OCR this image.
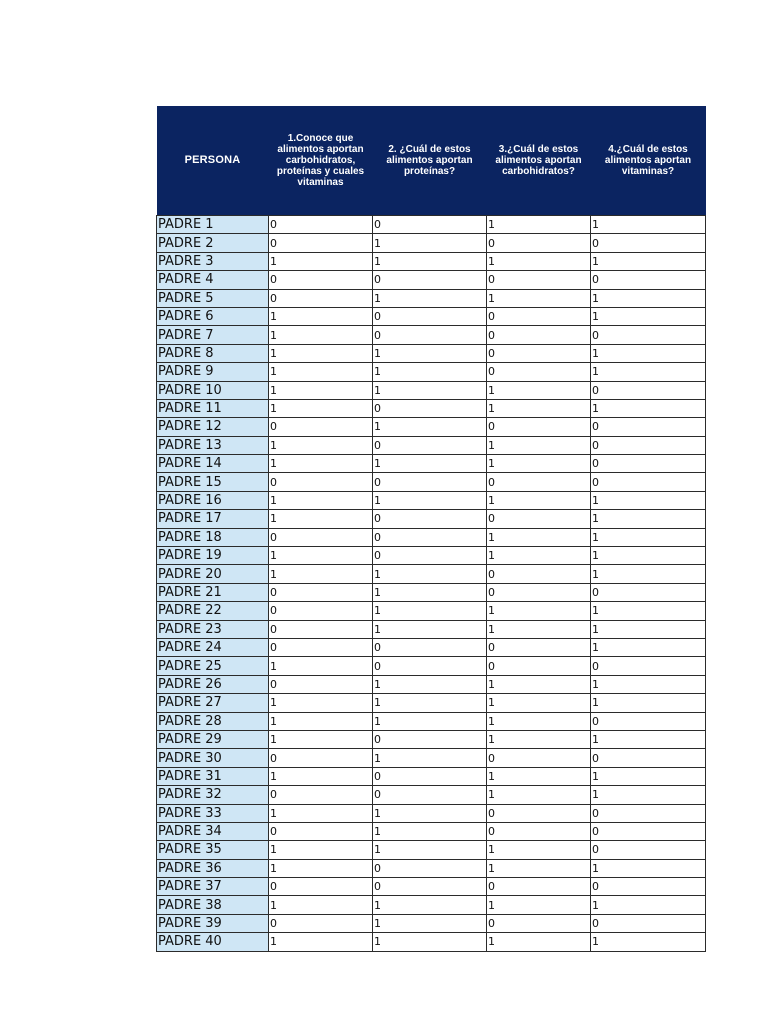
PERSONA	1.Conoce que alimentos aportan carbohidratos, proteínas y cuales vitaminas	2. ¿Cuál de estos alimentos aportan proteínas?	3.¿Cuál de estos alimentos aportan carbohidratos?	4.¿Cuál de estos alimentos aportan vitaminas?
PADRE 1	0	0	1	1
PADRE 2	0	1	0	0
PADRE 3	1	1	1	1
PADRE 4	0	0	0	0
PADRE 5	0	1	1	1
PADRE 6	1	0	0	1
PADRE 7	1	0	0	0
PADRE 8	1	1	0	1
PADRE 9	1	1	0	1
PADRE 10	1	1	1	0
PADRE 11	1	0	1	1
PADRE 12	0	1	0	0
PADRE 13	1	0	1	0
PADRE 14	1	1	1	0
PADRE 15	0	0	0	0
PADRE 16	1	1	1	1
PADRE 17	1	0	0	1
PADRE 18	0	0	1	1
PADRE 19	1	0	1	1
PADRE 20	1	1	0	1
PADRE 21	0	1	0	0
PADRE 22	0	1	1	1
PADRE 23	0	1	1	1
PADRE 24	0	0	0	1
PADRE 25	1	0	0	0
PADRE 26	0	1	1	1
PADRE 27	1	1	1	1
PADRE 28	1	1	1	0
PADRE 29	1	0	1	1
PADRE 30	0	1	0	0
PADRE 31	1	0	1	1
PADRE 32	0	0	1	1
PADRE 33	1	1	0	0
PADRE 34	0	1	0	0
PADRE 35	1	1	1	0
PADRE 36	1	0	1	1
PADRE 37	0	0	0	0
PADRE 38	1	1	1	1
PADRE 39	0	1	0	0
PADRE 40	1	1	1	1
